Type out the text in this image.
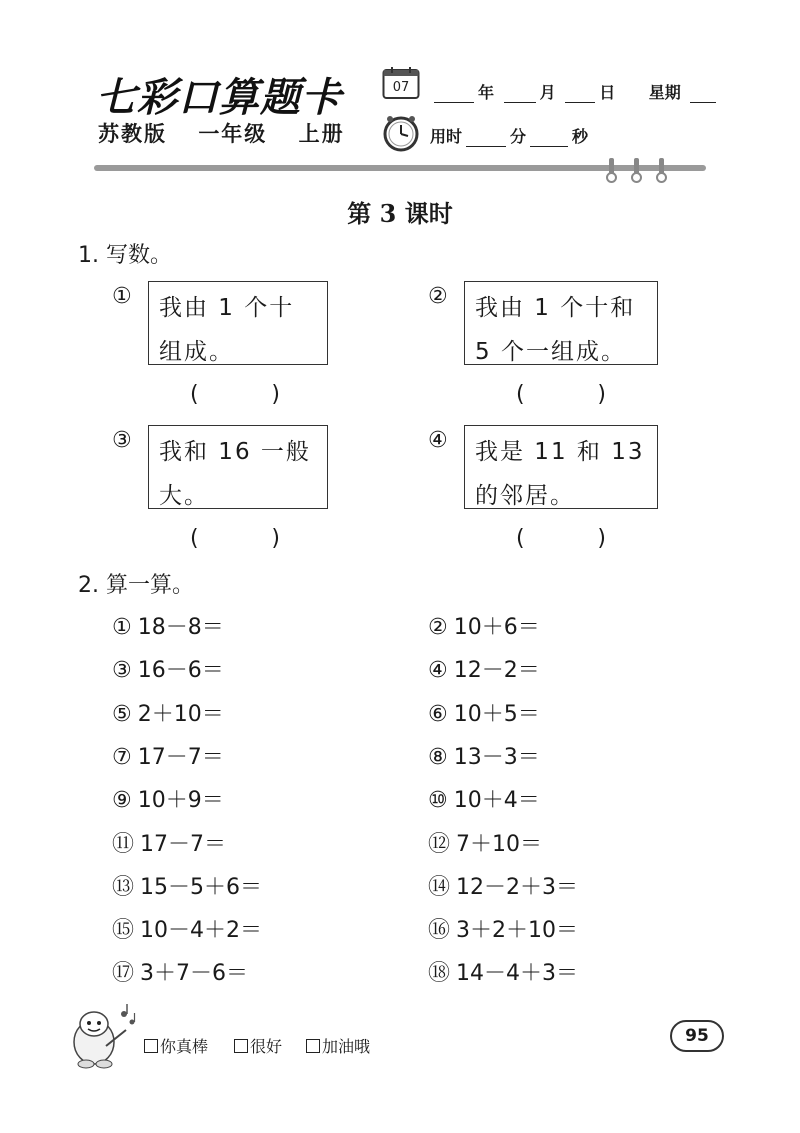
七彩口算题卡
苏教版 一年级 上册
07	年	月	日 星期
用时	分	秒
第 3 课时
1. 写数。
① 我由 1 个十
组成。
(	)
② 我由 1 个十和
5 个一组成。
(	)
③ 我和 16 一般
大。
(	)
④ 我是 11 和 13
的邻居。
(	)
2. 算一算。
① 18－8＝	② 10＋6＝
③ 16－6＝	④ 12－2＝
⑤ 2＋10＝	⑥ 10＋5＝
⑦ 17－7＝	⑧ 13－3＝
⑨ 10＋9＝	⑩ 10＋4＝
⑪ 17－7＝	⑫ 7＋10＝
⑬ 15－5＋6＝	⑭ 12－2＋3＝
⑮ 10－4＋2＝	⑯ 3＋2＋10＝
⑰ 3＋7－6＝	⑱ 14－4＋3＝
你真棒	很好 加油哦
95
